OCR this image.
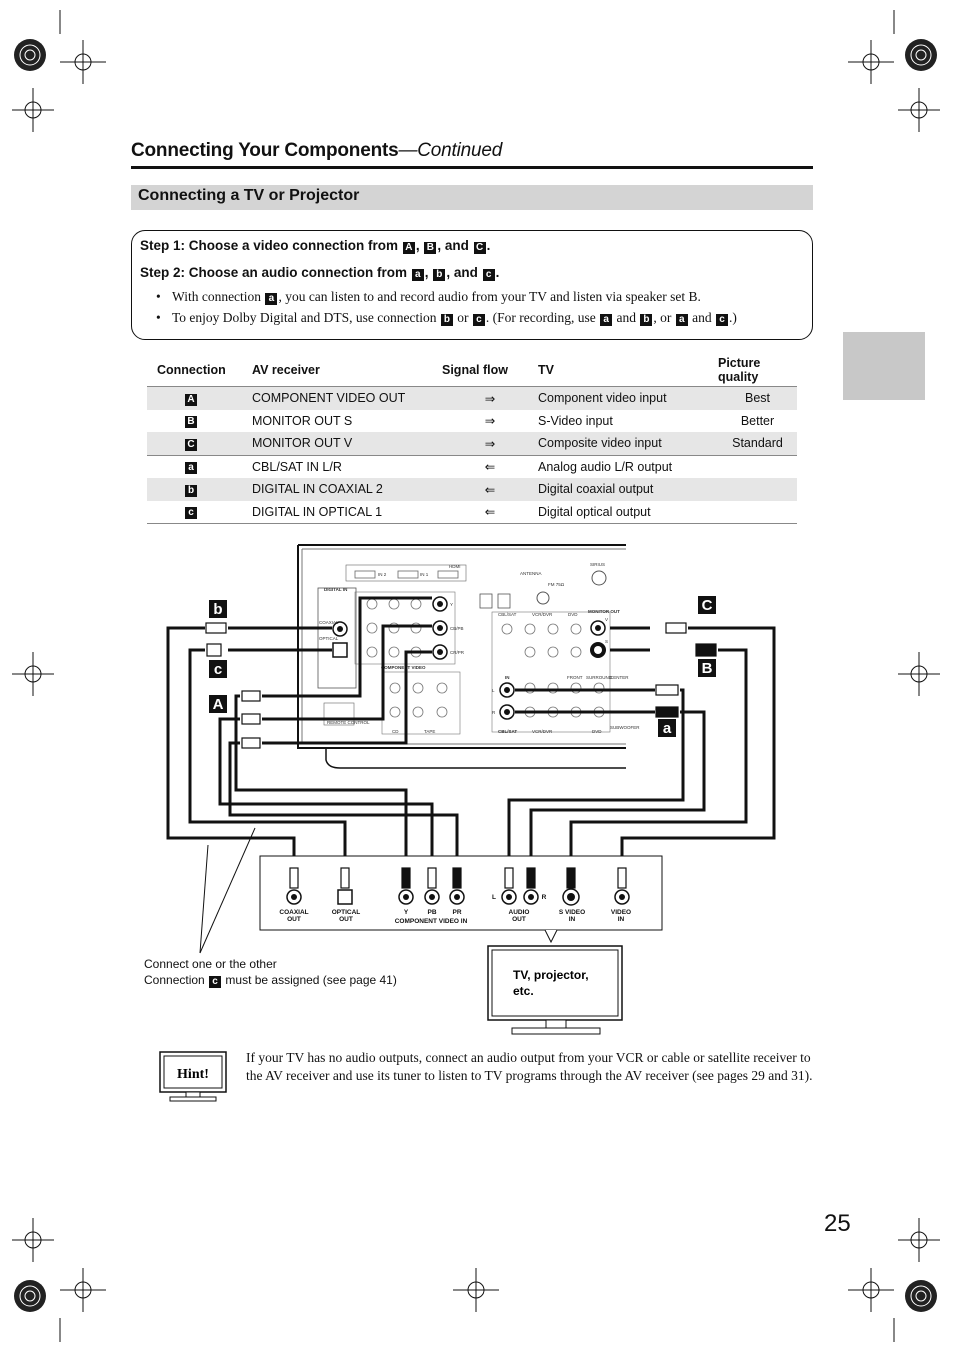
Connecting Your Components—Continued
Connecting a TV or Projector
Step 1: Choose a video connection from A , B , and C .
Step 2: Choose an audio connection from a , b , and c .
• With connection a , you can listen to and record audio from your TV and listen via speaker set B.
• To enjoy Dolby Digital and DTS, use connection b or c . (For recording, use a and b , or a and c .)
Connection	AV receiver	Signal flow	TV	Picture quality
A	COMPONENT VIDEO OUT	⇒	Component video input	Best
B	MONITOR OUT S	⇒	S-Video input	Better
C	MONITOR OUT V	⇒	Composite video input	Standard
a	CBL/SAT IN L/R	⇐	Analog audio L/R output	
b	DIGITAL IN COAXIAL 2	⇐	Digital coaxial output	
c	DIGITAL IN OPTICAL 1	⇐	Digital optical output	
DIGITAL IN
COAXIAL
OPTICAL
COMPONENT VIDEO
Y
CB/PB
CR/PR
ANTENNA
FM 75Ω
SIRIUS
MONITOR OUT
V
S
IN
L
R
CBL/SAT
CBL/SAT	VCR/DVR
VCR/DVR
DVD
DVD
CD	TAPE
HDMI
IN 1
IN 2
REMOTE CONTROL
FRONT SURROUND
CENTER
SUBWOOFER
b
c
A
C
B
a
COAXIAL
OUT
OPTICAL
OUT
Y	PB PR
COMPONENT VIDEO IN
L	R
AUDIO
OUT
S VIDEO
IN
VIDEO
IN
TV, projector,
etc.
Hint!
Connect one or the other
Connection c must be assigned (see page 41)
If your TV has no audio outputs, connect an audio output from your VCR or cable or satellite receiver to the AV receiver and use its tuner to listen to TV programs through the AV receiver (see pages 29 and 31).
25
